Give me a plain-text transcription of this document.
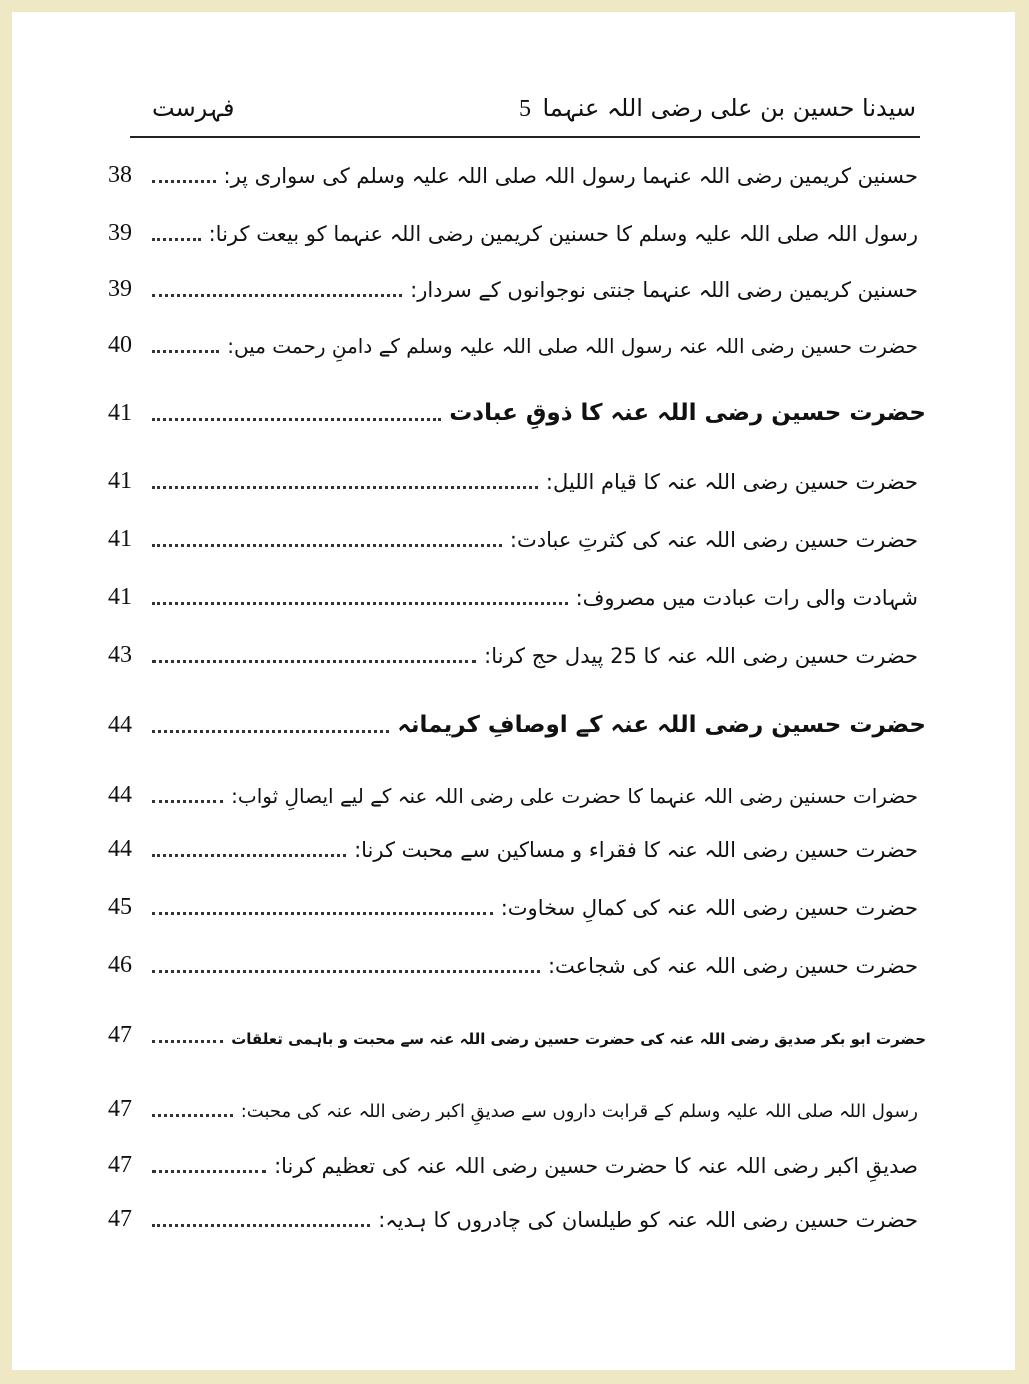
سیدنا حسین بن علی رضی اللہ عنہما
5
فہرست
حسنین کریمین رضی اللہ عنہما رسول اللہ صلی اللہ علیہ وسلم کی سواری پر:
38
رسول اللہ صلی اللہ علیہ وسلم کا حسنین کریمین رضی اللہ عنہما کو بیعت کرنا:
39
حسنین کریمین رضی اللہ عنہما جنتی نوجوانوں کے سردار:
39
حضرت حسین رضی اللہ عنہ رسول اللہ صلی اللہ علیہ وسلم کے دامنِ رحمت میں:
40
حضرت حسین رضی اللہ عنہ کا ذوقِ عبادت
41
حضرت حسین رضی اللہ عنہ کا قیام اللیل:
41
حضرت حسین رضی اللہ عنہ کی کثرتِ عبادت:
41
شہادت والی رات عبادت میں مصروف:
41
حضرت حسین رضی اللہ عنہ کا 25 پیدل حج کرنا:
43
حضرت حسین رضی اللہ عنہ کے اوصافِ کریمانہ
44
حضرات حسنین رضی اللہ عنہما کا حضرت علی رضی اللہ عنہ کے لیے ایصالِ ثواب:
44
حضرت حسین رضی اللہ عنہ کا فقراء و مساکین سے محبت کرنا:
44
حضرت حسین رضی اللہ عنہ کی کمالِ سخاوت:
45
حضرت حسین رضی اللہ عنہ کی شجاعت:
46
حضرت ابو بکر صدیق رضی اللہ عنہ کی حضرت حسین رضی اللہ عنہ سے محبت و باہمی تعلقات
47
رسول اللہ صلی اللہ علیہ وسلم کے قرابت داروں سے صدیقِ اکبر رضی اللہ عنہ کی محبت:
47
صدیقِ اکبر رضی اللہ عنہ کا حضرت حسین رضی اللہ عنہ کی تعظیم کرنا:
47
حضرت حسین رضی اللہ عنہ کو طیلسان کی چادروں کا ہدیہ:
47
